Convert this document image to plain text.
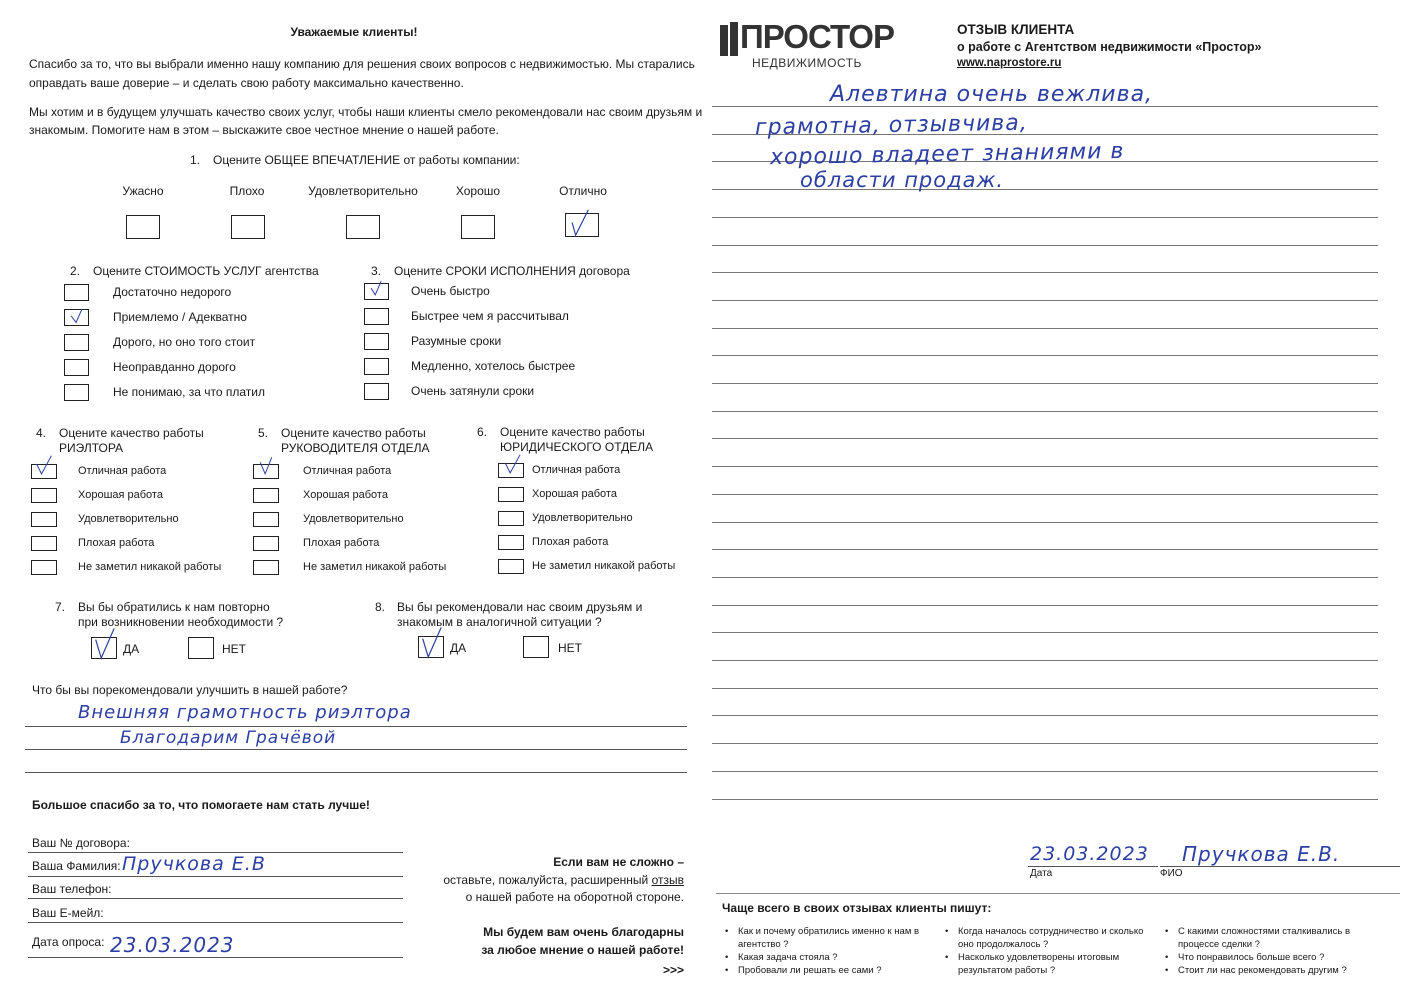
Уважаемые клиенты!
Спасибо за то, что вы выбрали именно нашу компанию для решения своих вопросов с недвижимостью. Мы старались
оправдать ваше доверие – и сделать свою работу максимально качественно.
Мы хотим и в будущем улучшать качество своих услуг, чтобы наши клиенты смело рекомендовали нас своим друзьям и
знакомым. Помогите нам в этом – выскажите свое честное мнение о нашей работе.
1. Оцените ОБЩЕЕ ВПЕЧАТЛЕНИЕ от работы компании:
Ужасно	Плохо	Удовлетворительно	Хорошо	Отлично
2. Оцените СТОИМОСТЬ УСЛУГ агентства
Достаточно недорого
Приемлемо / Адекватно
Дорого, но оно того стоит
Неоправданно дорого
Не понимаю, за что платил
3. Оцените СРОКИ ИСПОЛНЕНИЯ договора
Очень быстро
Быстрее чем я рассчитывал
Разумные сроки
Медленно, хотелось быстрее
Очень затянули сроки
4. Оцените качество работы
РИЭЛТОРА
Отличная работа
Хорошая работа
Удовлетворительно
Плохая работа
Не заметил никакой работы
5. Оцените качество работы
РУКОВОДИТЕЛЯ ОТДЕЛА
Отличная работа
Хорошая работа
Удовлетворительно
Плохая работа
Не заметил никакой работы
6. Оцените качество работы
ЮРИДИЧЕСКОГО ОТДЕЛА
Отличная работа
Хорошая работа
Удовлетворительно
Плохая работа
Не заметил никакой работы
7. Вы бы обратились к нам повторно
при возникновении необходимости ?
ДА	НЕТ
8. Вы бы рекомендовали нас своим друзьям и
знакомым в аналогичной ситуации ?
ДА	НЕТ
Что бы вы порекомендовали улучшить в нашей работе?
Внешняя грамотность риэлтора
Благодарим Грачёвой
Большое спасибо за то, что помогаете нам стать лучше!
Ваш № договора:
Ваша Фамилия: Пручкова Е.В
Ваш телефон:
Ваш Е-мейл:
Дата опроса: 23.03.2023
Если вам не сложно –
оставьте, пожалуйста, расширенный отзыв
о нашей работе на оборотной стороне.
Мы будем вам очень благодарны
за любое мнение о нашей работе!
>>>
ПРОСТОР
НЕДВИЖИМОСТЬ
ОТЗЫВ КЛИЕНТА
о работе с Агентством недвижимости «Простор»
www.naprostore.ru
Алевтина очень вежлива,
грамотна, отзывчива,
хорошо владеет знаниями в
области продаж.
23.03.2023
Дата
Пручкова Е.В.
ФИО
Чаще всего в своих отзывах клиенты пишут:
• Как и почему обратились именно к нам в
агентство ?
• Какая задача стояла ?
• Пробовали ли решать ее сами ?
• Когда началось сотрудничество и сколько
оно продолжалось ?
• Насколько удовлетворены итоговым
результатом работы ?
• С какими сложностями сталкивались в
процессе сделки ?
• Что понравилось больше всего ?
• Стоит ли нас рекомендовать другим ?
